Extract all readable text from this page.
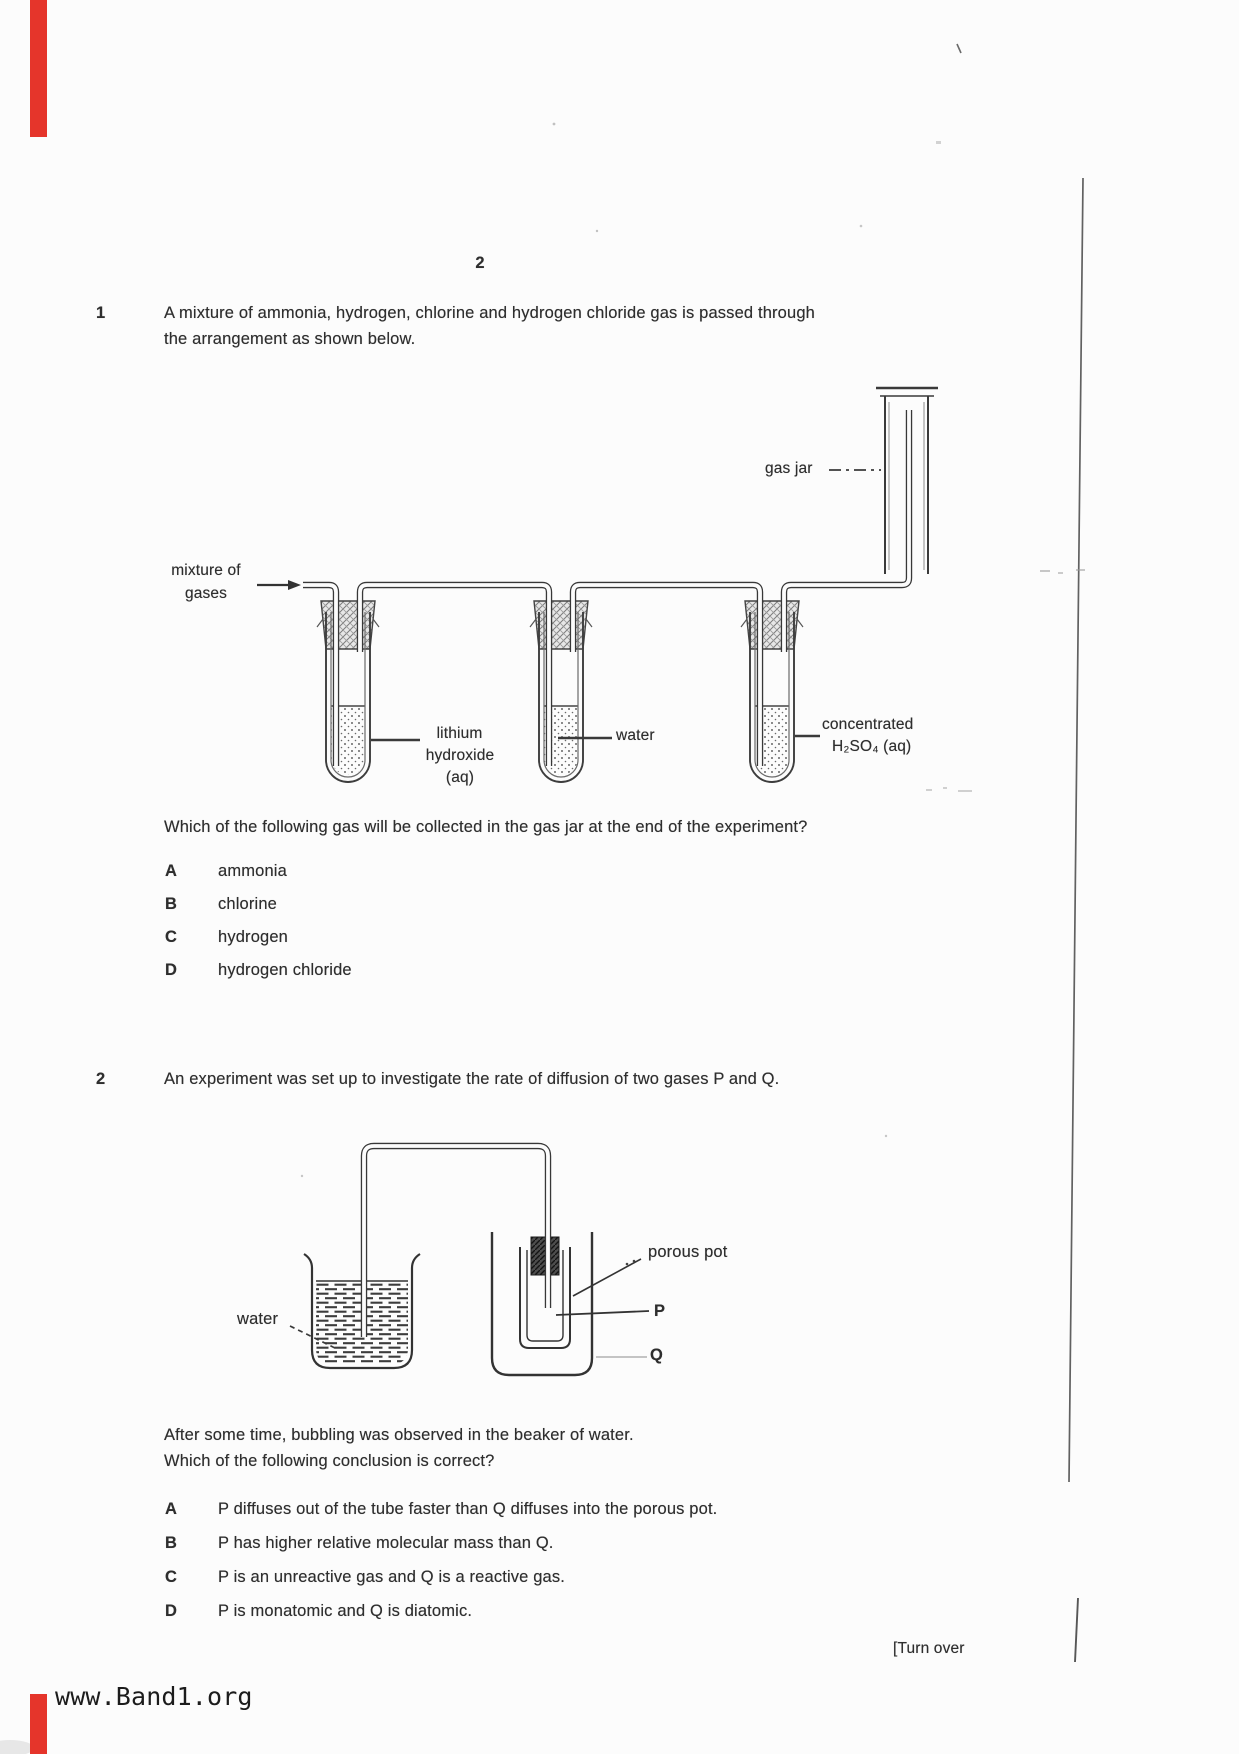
2
1	A mixture of ammonia, hydrogen, chlorine and hydrogen chloride gas is passed through
the arrangement as shown below.
gas jar
mixture of
gases
lithium
hydroxide
(aq)
water
concentrated
H₂SO₄ (aq)
Which of the following gas will be collected in the gas jar at the end of the experiment?
A ammonia
B chlorine
C hydrogen
D hydrogen chloride
2	An experiment was set up to investigate the rate of diffusion of two gases P and Q.
porous pot
P
Q
water
After some time, bubbling was observed in the beaker of water.
Which of the following conclusion is correct?
A P diffuses out of the tube faster than Q diffuses into the porous pot.
B P has higher relative molecular mass than Q.
C P is an unreactive gas and Q is a reactive gas.
D P is monatomic and Q is diatomic.
[Turn over
www.Band1.org
